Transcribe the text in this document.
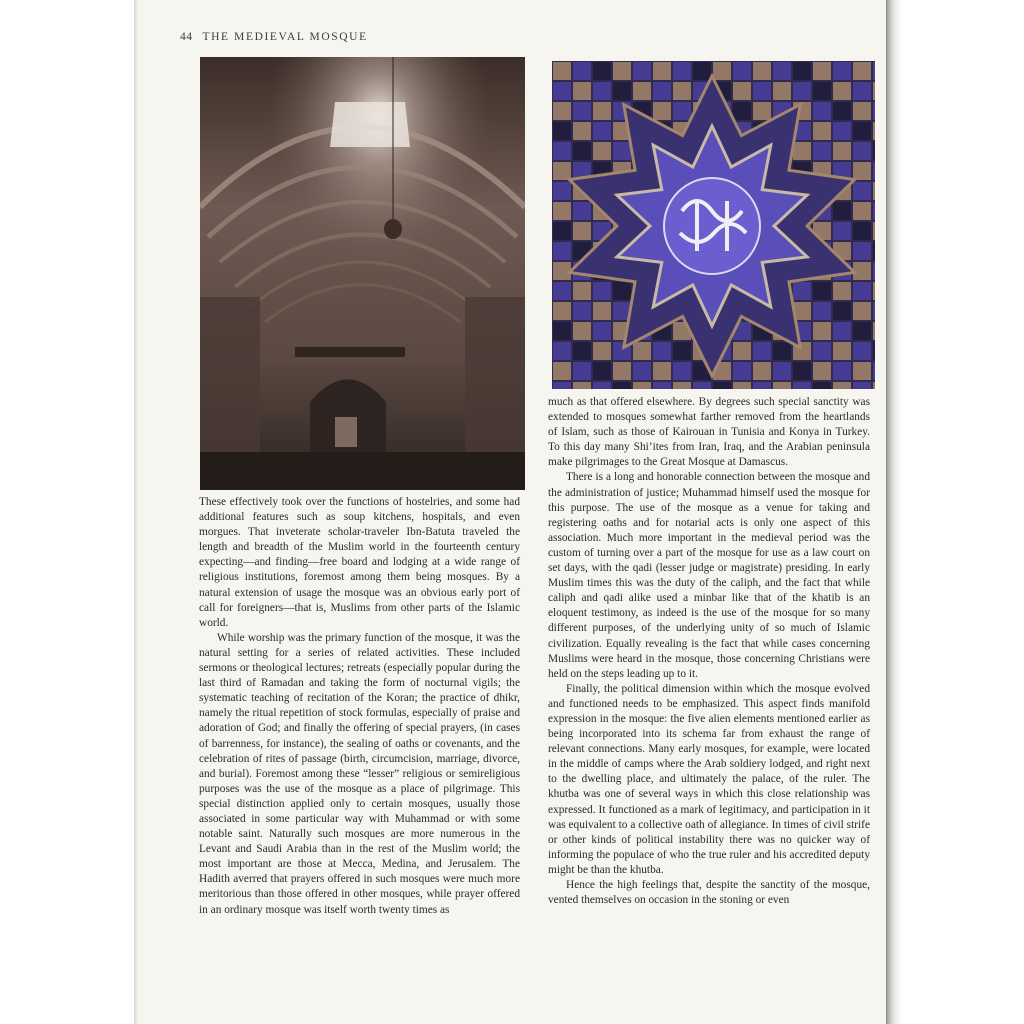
44 THE MEDIEVAL MOSQUE

These effectively took over the functions of hostelries, and some had additional features such as soup kitchens, hospitals, and even morgues. That inveterate scholar-traveler Ibn-Batuta traveled the length and breadth of the Muslim world in the fourteenth century expecting—and finding—free board and lodging at a wide range of religious institutions, foremost among them being mosques. By a natural extension of usage the mosque was an obvious early port of call for foreigners—that is, Muslims from other parts of the Islamic world.

While worship was the primary function of the mosque, it was the natural setting for a series of related activities. These included sermons or theological lectures; retreats (especially popular during the last third of Ramadan and taking the form of nocturnal vigils; the systematic teaching of recitation of the Koran; the practice of dhikr, namely the ritual repetition of stock formulas, especially of praise and adoration of God; and finally the offering of special prayers, (in cases of barrenness, for instance), the sealing of oaths or covenants, and the celebration of rites of passage (birth, circumcision, marriage, divorce, and burial). Foremost among these “lesser” religious or semireligious purposes was the use of the mosque as a place of pilgrimage. This special distinction applied only to certain mosques, usually those associated in some particular way with Muhammad or with some notable saint. Naturally such mosques are more numerous in the Levant and Saudi Arabia than in the rest of the Muslim world; the most important are those at Mecca, Medina, and Jerusalem. The Hadith averred that prayers offered in such mosques were much more meritorious than those offered in other mosques, while prayer offered in an ordinary mosque was itself worth twenty times as

much as that offered elsewhere. By degrees such special sanctity was extended to mosques somewhat farther removed from the heartlands of Islam, such as those of Kairouan in Tunisia and Konya in Turkey. To this day many Shi’ites from Iran, Iraq, and the Arabian peninsula make pilgrimages to the Great Mosque at Damascus.

There is a long and honorable connection between the mosque and the administration of justice; Muhammad himself used the mosque for this purpose. The use of the mosque as a venue for taking and registering oaths and for notarial acts is only one aspect of this association. Much more important in the medieval period was the custom of turning over a part of the mosque for use as a law court on set days, with the qadi (lesser judge or magistrate) presiding. In early Muslim times this was the duty of the caliph, and the fact that while caliph and qadi alike used a minbar like that of the khatib is an eloquent testimony, as indeed is the use of the mosque for so many different purposes, of the underlying unity of so much of Islamic civilization. Equally revealing is the fact that while cases concerning Muslims were heard in the mosque, those concerning Christians were held on the steps leading up to it.

Finally, the political dimension within which the mosque evolved and functioned needs to be emphasized. This aspect finds manifold expression in the mosque: the five alien elements mentioned earlier as being incorporated into its schema far from exhaust the range of relevant connections. Many early mosques, for example, were located in the middle of camps where the Arab soldiery lodged, and right next to the dwelling place, and ultimately the palace, of the ruler. The khutba was one of several ways in which this close relationship was expressed. It functioned as a mark of legitimacy, and participation in it was equivalent to a collective oath of allegiance. In times of civil strife or other kinds of political instability there was no quicker way of informing the populace of who the true ruler and his accredited deputy might be than the khutba.

Hence the high feelings that, despite the sanctity of the mosque, vented themselves on occasion in the stoning or even
